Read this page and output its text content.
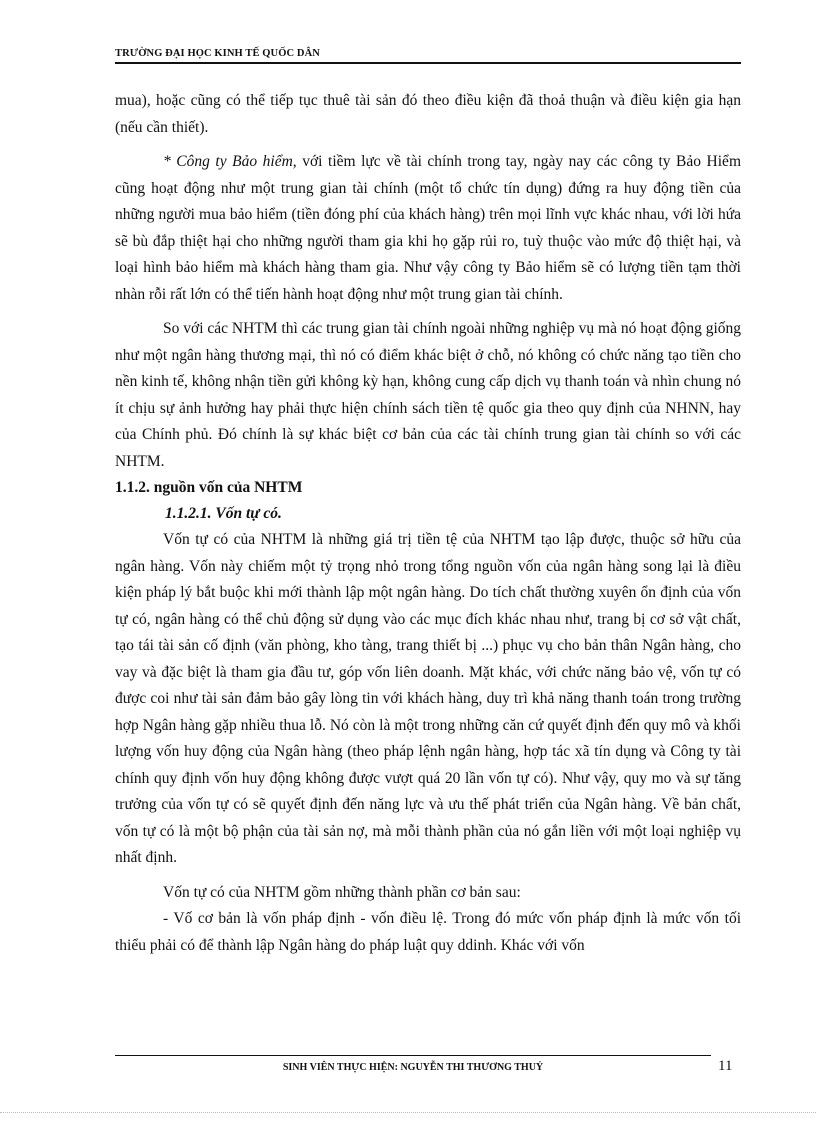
TRƯỜNG ĐẠI HỌC KINH TẾ QUỐC DÂN

mua), hoặc cũng có thể tiếp tục thuê tài sản đó theo điều kiện đã thoả thuận và điều kiện gia hạn (nếu cần thiết).

* Công ty Bảo hiểm, với tiềm lực về tài chính trong tay, ngày nay các công ty Bảo Hiểm cũng hoạt động như một trung gian tài chính (một tổ chức tín dụng) đứng ra huy động tiền của những người mua bảo hiểm (tiền đóng phí của khách hàng) trên mọi lĩnh vực khác nhau, với lời hứa sẽ bù đắp thiệt hại cho những người tham gia khi họ gặp rủi ro, tuỳ thuộc vào mức độ thiệt hại, và loại hình bảo hiểm mà khách hàng tham gia. Như vậy công ty Bảo hiểm sẽ có lượng tiền tạm thời nhàn rỗi rất lớn có thể tiến hành hoạt động như một trung gian tài chính.

So với các NHTM thì các trung gian tài chính ngoài những nghiệp vụ mà nó hoạt động giống như một ngân hàng thương mại, thì nó có điểm khác biệt ở chỗ, nó không có chức năng tạo tiền cho nền kinh tế, không nhận tiền gửi không kỳ hạn, không cung cấp dịch vụ thanh toán và nhìn chung nó ít chịu sự ảnh hưởng hay phải thực hiện chính sách tiền tệ quốc gia theo quy định của NHNN, hay của Chính phủ. Đó chính là sự khác biệt cơ bản của các tài chính trung gian tài chính so với các NHTM.

1.1.2. nguồn vốn của NHTM
1.1.2.1. Vốn tự có.

Vốn tự có của NHTM là những giá trị tiền tệ của NHTM tạo lập được, thuộc sở hữu của ngân hàng. Vốn này chiếm một tỷ trọng nhỏ trong tổng nguồn vốn của ngân hàng song lại là điều kiện pháp lý bắt buộc khi mới thành lập một ngân hàng. Do tích chất thường xuyên ổn định của vốn tự có, ngân hàng có thể chủ động sử dụng vào các mục đích khác nhau như, trang bị cơ sở vật chất, tạo tái tài sản cố định (văn phòng, kho tàng, trang thiết bị ...) phục vụ cho bản thân Ngân hàng, cho vay và đặc biệt là tham gia đầu tư, góp vốn liên doanh. Mặt khác, với chức năng bảo vệ, vốn tự có được coi như tài sản đảm bảo gây lòng tin với khách hàng, duy trì khả năng thanh toán trong trường hợp Ngân hàng gặp nhiều thua lỗ. Nó còn là một trong những căn cứ quyết định đến quy mô và khối lượng vốn huy động của Ngân hàng (theo pháp lệnh ngân hàng, hợp tác xã tín dụng và Công ty tài chính quy định vốn huy động không được vượt quá 20 lần vốn tự có). Như vậy, quy mo và sự tăng trưởng của vốn tự có sẽ quyết định đến năng lực và ưu thế phát triển của Ngân hàng. Về bản chất, vốn tự có là một bộ phận của tài sản nợ, mà mỗi thành phần của nó gắn liền với một loại nghiệp vụ nhất định.

Vốn tự có của NHTM gồm những thành phần cơ bản sau:

- Vố cơ bản là vốn pháp định - vốn điều lệ. Trong đó mức vốn pháp định là mức vốn tối thiểu phải có để thành lập Ngân hàng do pháp luật quy ddinh. Khác với vốn

SINH VIÊN THỰC HIỆN: NGUYỄN THI THƯƠNG THUỶ	11
